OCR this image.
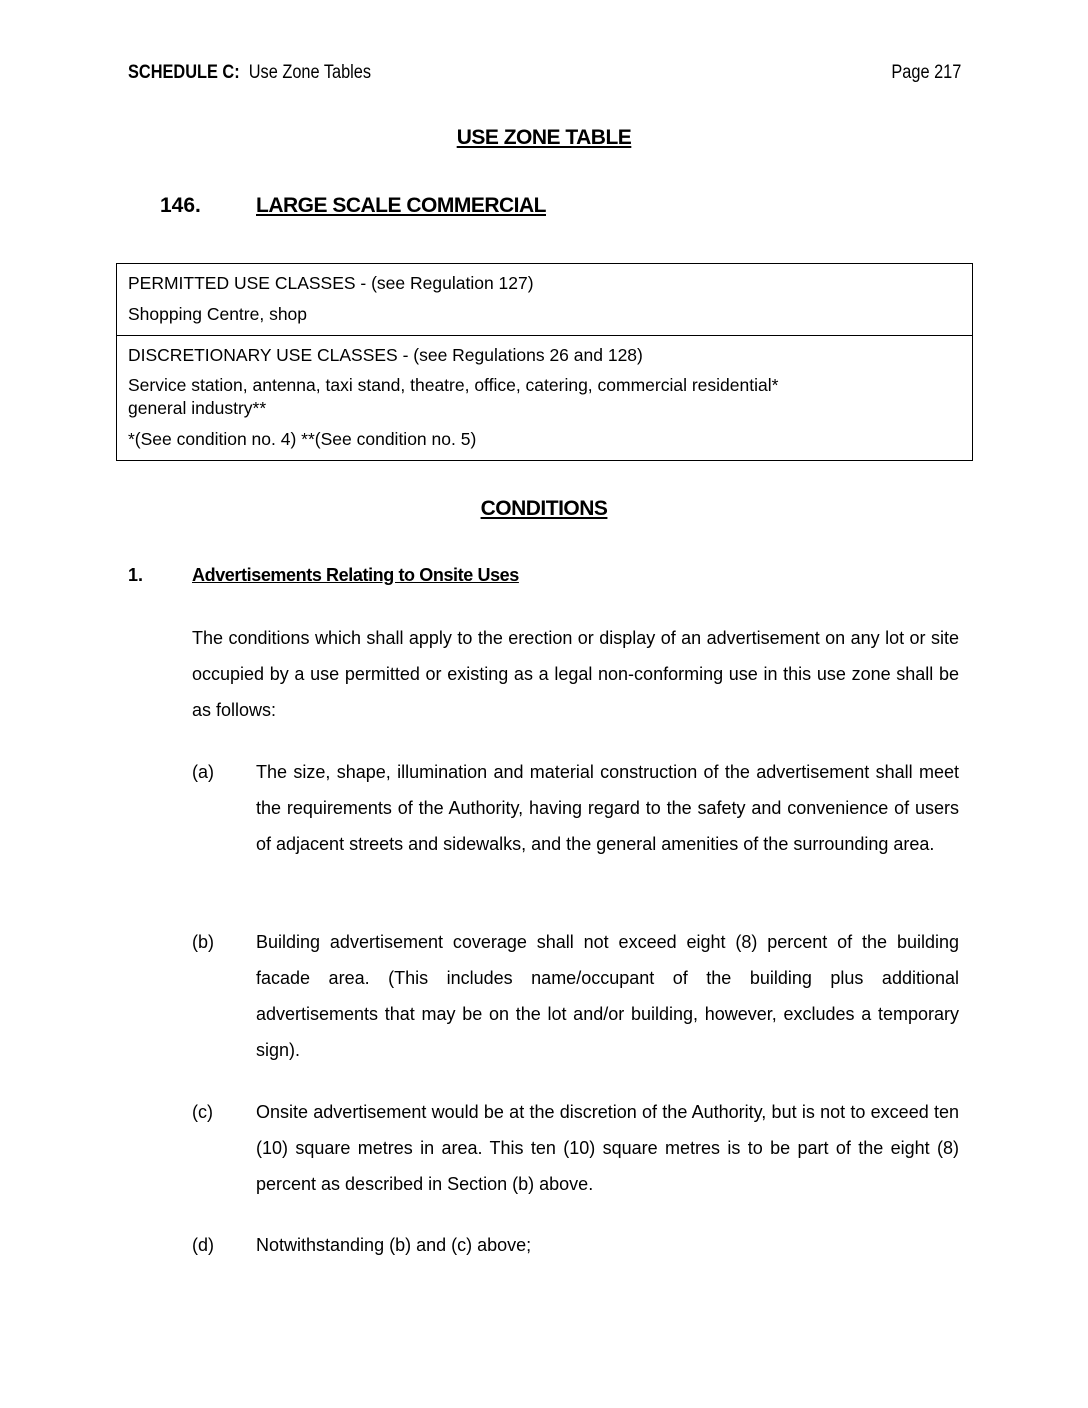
SCHEDULE C: Use Zone Tables	Page 217
USE ZONE TABLE
146.	LARGE SCALE COMMERCIAL
PERMITTED USE CLASSES - (see Regulation 127)
Shopping Centre, shop
DISCRETIONARY USE CLASSES - (see Regulations 26 and 128)
Service station, antenna, taxi stand, theatre, office, catering, commercial residential*
general industry**
*(See condition no. 4) **(See condition no. 5)
CONDITIONS
1.	Advertisements Relating to Onsite Uses
The conditions which shall apply to the erection or display of an advertisement on any lot or site occupied by a use permitted or existing as a legal non-conforming use in this use zone shall be as follows:
(a) The size, shape, illumination and material construction of the advertisement shall meet the requirements of the Authority, having regard to the safety and convenience of users of adjacent streets and sidewalks, and the general amenities of the surrounding area.
(b) Building advertisement coverage shall not exceed eight (8) percent of the building facade area. (This includes name/occupant of the building plus additional advertisements that may be on the lot and/or building, however, excludes a temporary sign).
(c) Onsite advertisement would be at the discretion of the Authority, but is not to exceed ten (10) square metres in area. This ten (10) square metres is to be part of the eight (8) percent as described in Section (b) above.
(d) Notwithstanding (b) and (c) above;
